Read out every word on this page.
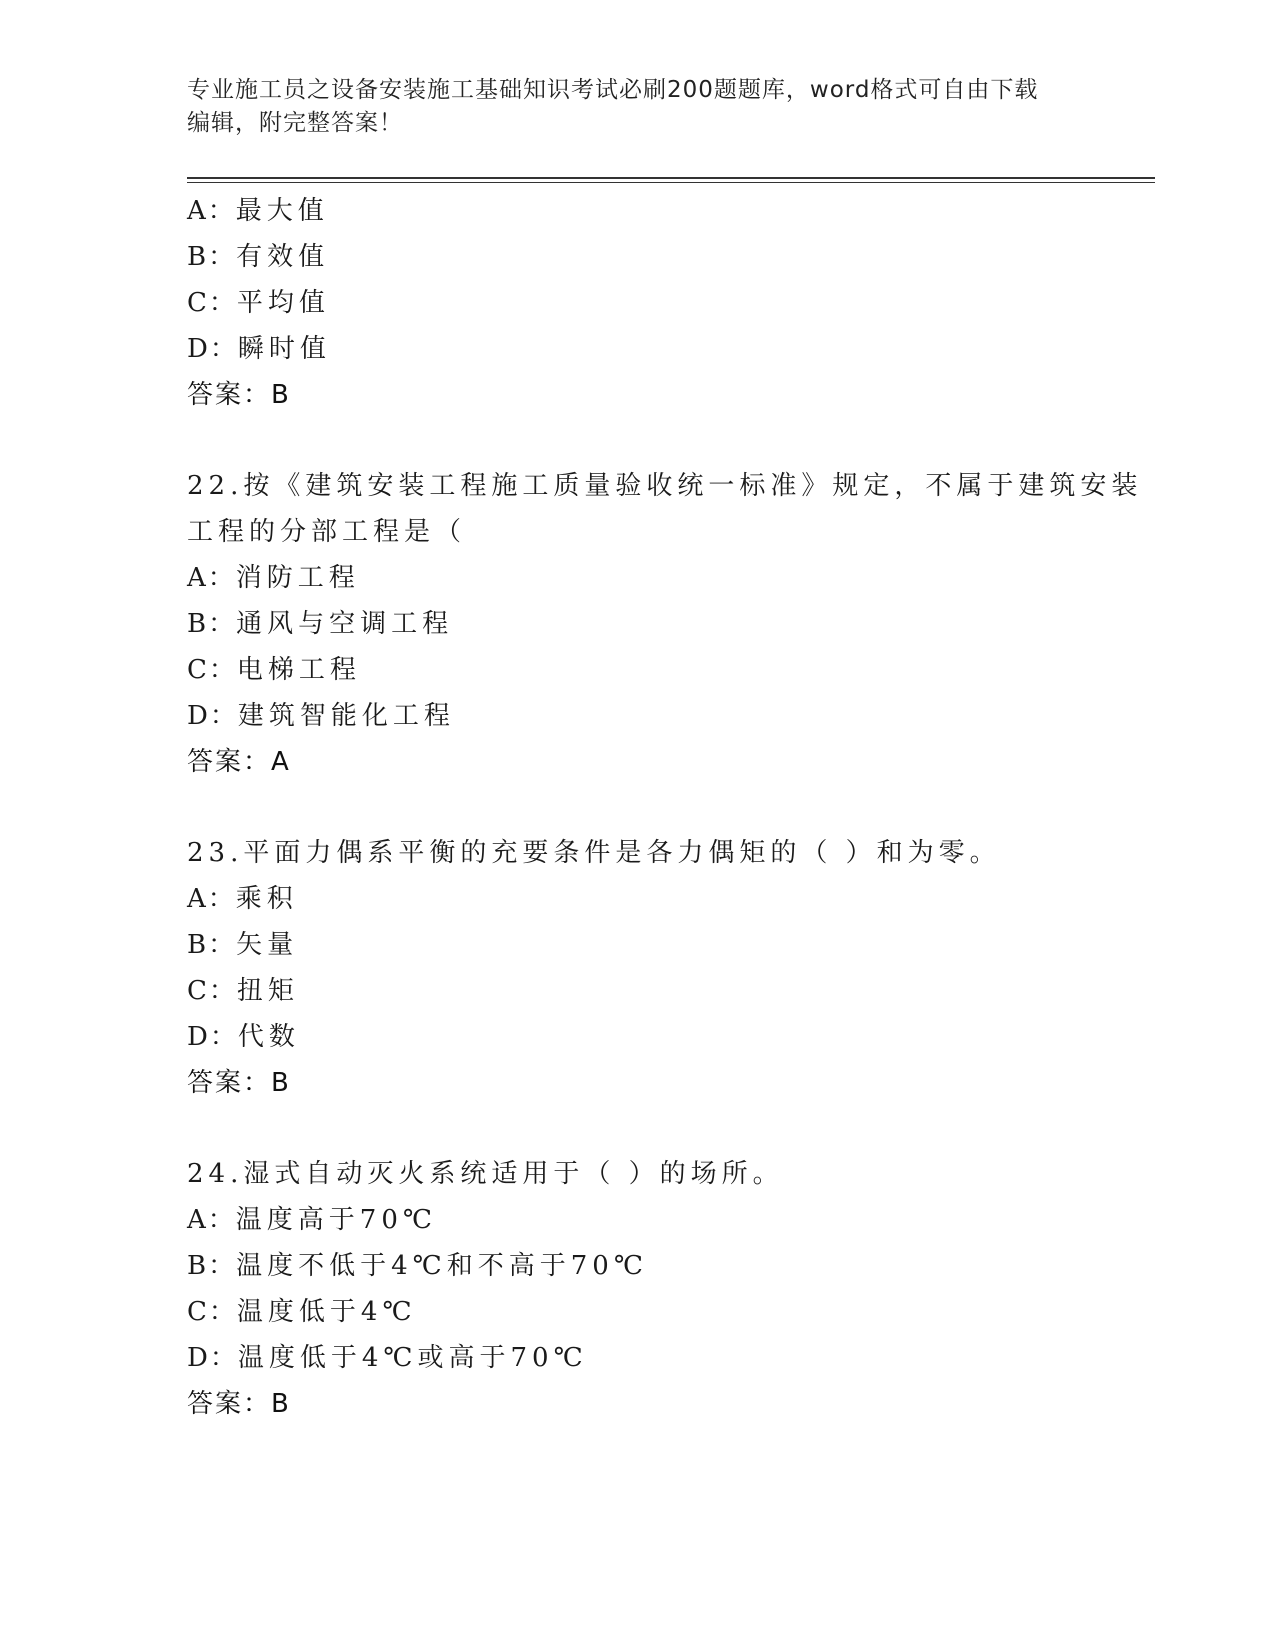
专业施工员之设备安装施工基础知识考试必刷200题题库，word格式可自由下载
编辑，附完整答案！
A：最大值
B：有效值
C：平均值
D：瞬时值
答案：B
22.按《建筑安装工程施工质量验收统一标准》规定，不属于建筑安装
工程的分部工程是（
A：消防工程
B：通风与空调工程
C：电梯工程
D：建筑智能化工程
答案：A
23.平面力偶系平衡的充要条件是各力偶矩的（ ）和为零。
A：乘积
B：矢量
C：扭矩
D：代数
答案：B
24.湿式自动灭火系统适用于（ ）的场所。
A：温度高于70℃
B：温度不低于4℃和不高于70℃
C：温度低于4℃
D：温度低于4℃或高于70℃
答案：B
